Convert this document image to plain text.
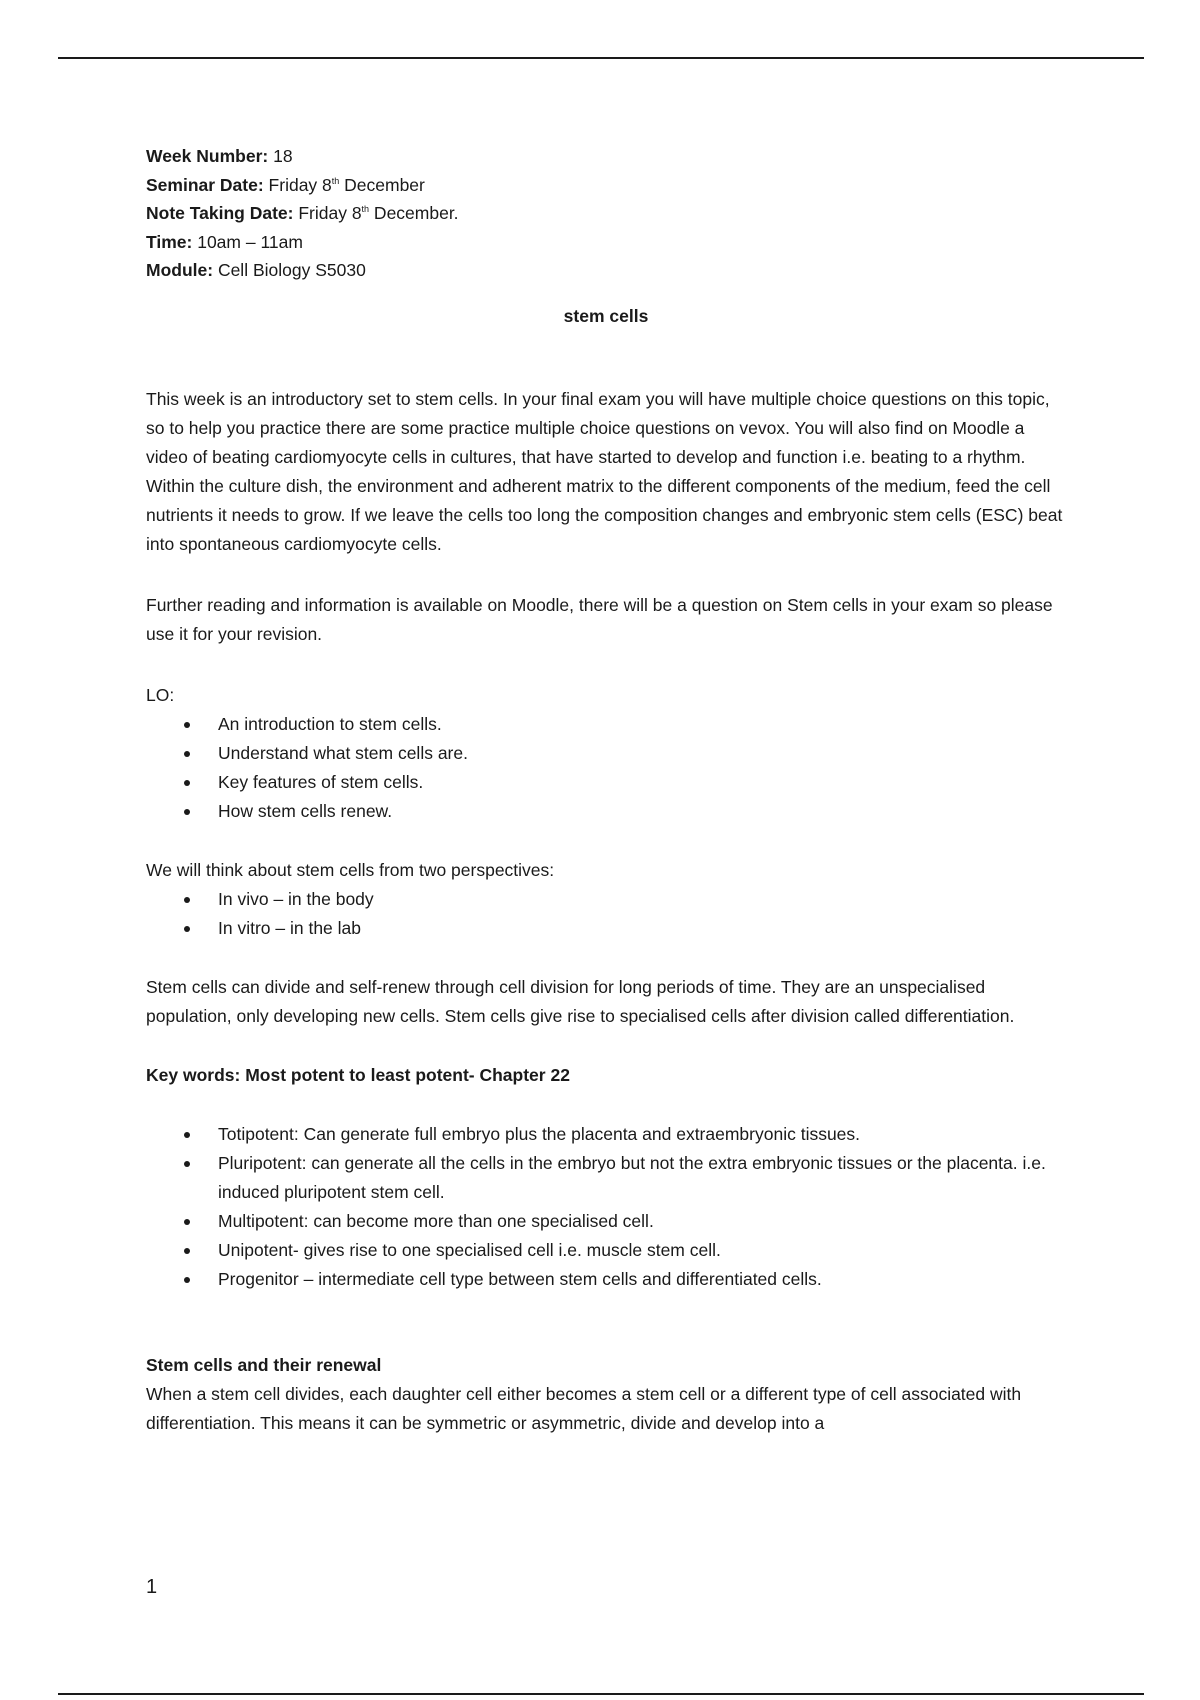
Week Number: 18

Seminar Date: Friday 8th December

Note Taking Date: Friday 8th December.

Time: 10am – 11am

Module: Cell Biology S5030

stem cells

This week is an introductory set to stem cells. In your final exam you will have multiple choice questions on this topic, so to help you practice there are some practice multiple choice questions on vevox. You will also find on Moodle a video of beating cardiomyocyte cells in cultures, that have started to develop and function i.e. beating to a rhythm. Within the culture dish, the environment and adherent matrix to the different components of the medium, feed the cell nutrients it needs to grow. If we leave the cells too long the composition changes and embryonic stem cells (ESC) beat into spontaneous cardiomyocyte cells.

Further reading and information is available on Moodle, there will be a question on Stem cells in your exam so please use it for your revision.

LO:

An introduction to stem cells.
Understand what stem cells are.
Key features of stem cells.
How stem cells renew.

We will think about stem cells from two perspectives:

In vivo – in the body
In vitro – in the lab

Stem cells can divide and self-renew through cell division for long periods of time. They are an unspecialised population, only developing new cells. Stem cells give rise to specialised cells after division called differentiation.

Key words: Most potent to least potent- Chapter 22

Totipotent: Can generate full embryo plus the placenta and extraembryonic tissues.
Pluripotent: can generate all the cells in the embryo but not the extra embryonic tissues or the placenta. i.e. induced pluripotent stem cell.
Multipotent: can become more than one specialised cell.
Unipotent- gives rise to one specialised cell i.e. muscle stem cell.
Progenitor – intermediate cell type between stem cells and differentiated cells.

Stem cells and their renewal

When a stem cell divides, each daughter cell either becomes a stem cell or a different type of cell associated with differentiation. This means it can be symmetric or asymmetric, divide and develop into a

1
